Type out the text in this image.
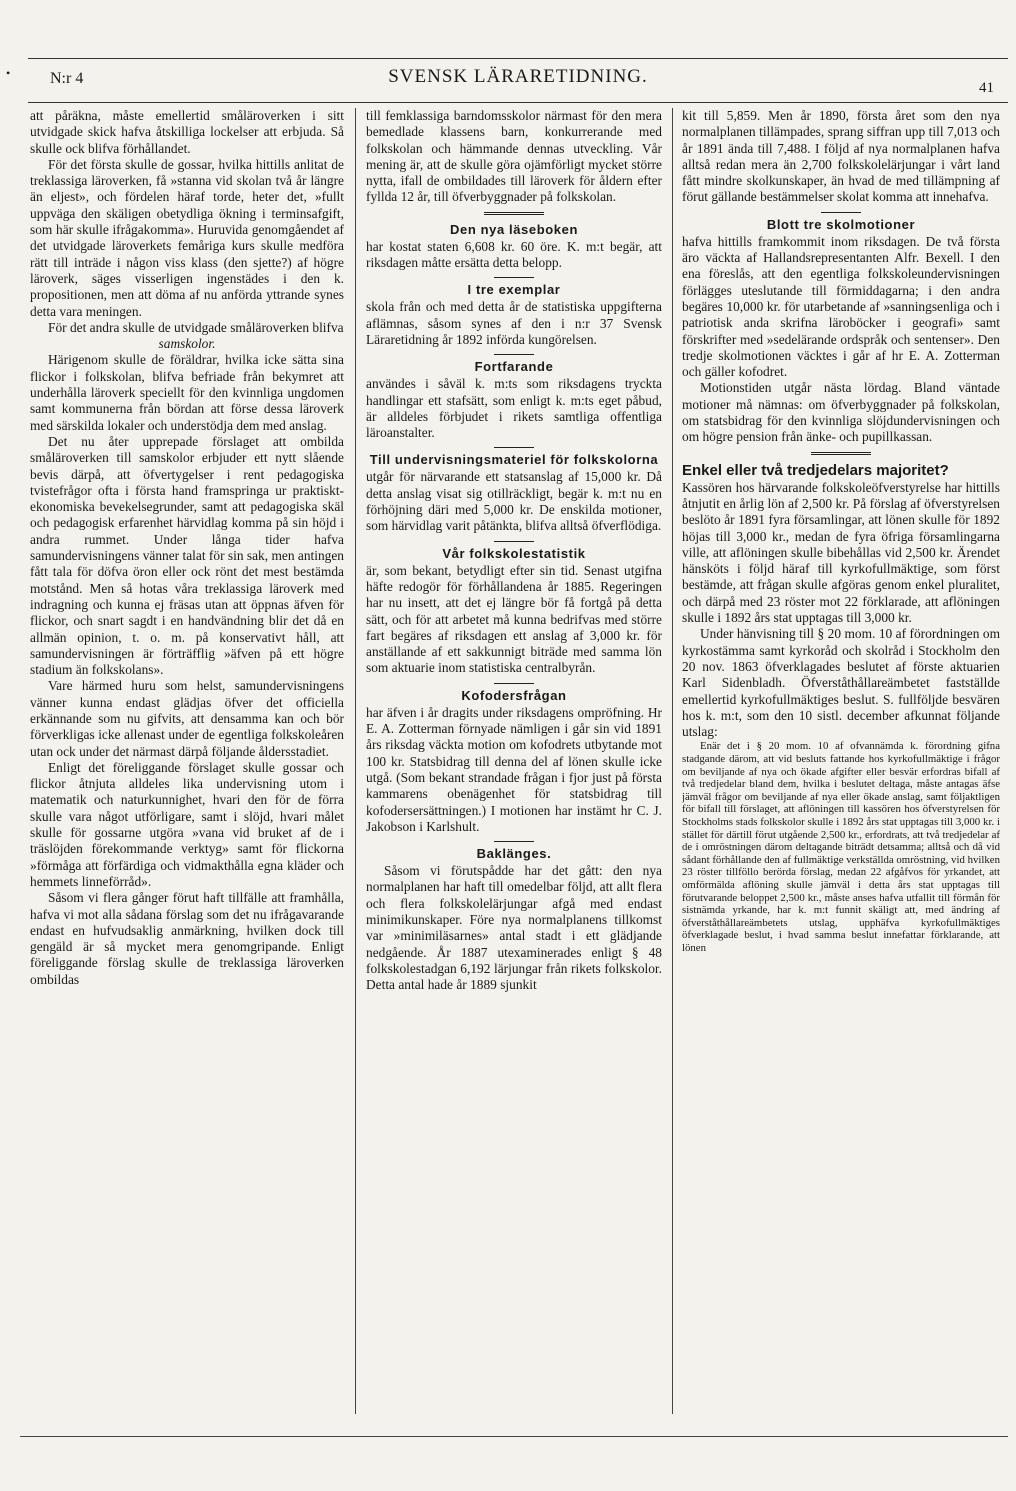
• N:r 4	SVENSK LÄRARETIDNING.
41

att påräkna, måste emellertid småläroverken i sitt utvidgade skick hafva åtskilliga lockelser att erbjuda. Så skulle ock blifva förhållandet.

För det första skulle de gossar, hvilka hittills anlitat de treklassiga läroverken, få »stanna vid skolan två år längre än eljest», och fördelen häraf torde, heter det, »fullt uppväga den skäligen obetydliga ökning i terminsafgift, som här skulle ifrågakomma». Huruvida genomgåendet af det utvidgade läroverkets femåriga kurs skulle medföra rätt till inträde i någon viss klass (den sjette?) af högre läroverk, säges visserligen ingenstädes i den k. propositionen, men att döma af nu anförda yttrande synes detta vara meningen.

För det andra skulle de utvidgade småläroverken blifva

samskolor.

Härigenom skulle de föräldrar, hvilka icke sätta sina flickor i folkskolan, blifva befriade från bekymret att underhålla läroverk speciellt för den kvinnliga ungdomen samt kommunerna från bördan att förse dessa läroverk med särskilda lokaler och understödja dem med anslag.

Det nu åter upprepade förslaget att ombilda småläroverken till samskolor erbjuder ett nytt slående bevis därpå, att öfvertygelser i rent pedagogiska tvistefrågor ofta i första hand framspringa ur praktiskt-ekonomiska bevekelsegrunder, samt att pedagogiska skäl och pedagogisk erfarenhet härvidlag komma på sin höjd i andra rummet. Under långa tider hafva samundervisningens vänner talat för sin sak, men antingen fått tala för döfva öron eller ock rönt det mest bestämda motstånd. Men så hotas våra treklassiga läroverk med indragning och kunna ej fräsas utan att öppnas äfven för flickor, och snart sagdt i en handvändning blir det då en allmän opinion, t. o. m. på konservativt håll, att samundervisningen är förträfflig »äfven på ett högre stadium än folkskolans».

Vare härmed huru som helst, samundervisningens vänner kunna endast glädjas öfver det officiella erkännande som nu gifvits, att densamma kan och bör förverkligas icke allenast under de egentliga folkskoleåren utan ock under det närmast därpå följande åldersstadiet.

Enligt det föreliggande förslaget skulle gossar och flickor åtnjuta alldeles lika undervisning utom i matematik och naturkunnighet, hvari den för de förra skulle vara något utförligare, samt i slöjd, hvari målet skulle för gossarne utgöra »vana vid bruket af de i träslöjden förekommande verktyg» samt för flickorna »förmåga att förfärdiga och vidmakthålla egna kläder och hemmets linneförråd».

Såsom vi flera gånger förut haft tillfälle att framhålla, hafva vi mot alla sådana förslag som det nu ifrågavarande endast en hufvudsaklig anmärkning, hvilken dock till gengäld är så mycket mera genomgripande. Enligt föreliggande förslag skulle de treklassiga läroverken ombildas

till femklassiga barndomsskolor närmast för den mera bemedlade klassens barn, konkurrerande med folkskolan och hämmande dennas utveckling. Vår mening är, att de skulle göra ojämförligt mycket större nytta, ifall de ombildades till läroverk för åldern efter fyllda 12 år, till öfverbyggnader på folkskolan.

Den nya läseboken

har kostat staten 6,608 kr. 60 öre. K. m:t begär, att riksdagen måtte ersätta detta belopp.

I tre exemplar

skola från och med detta år de statistiska uppgifterna aflämnas, såsom synes af den i n:r 37 Svensk Läraretidning år 1892 införda kungörelsen.

Fortfarande

användes i såväl k. m:ts som riksdagens tryckta handlingar ett stafsätt, som enligt k. m:ts eget påbud, är alldeles förbjudet i rikets samtliga offentliga läroanstalter.

Till undervisningsmateriel för folkskolorna

utgår för närvarande ett statsanslag af 15,000 kr. Då detta anslag visat sig otillräckligt, begär k. m:t nu en förhöjning däri med 5,000 kr. De enskilda motioner, som härvidlag varit påtänkta, blifva alltså öfverflödiga.

Vår folkskolestatistik

är, som bekant, betydligt efter sin tid. Senast utgifna häfte redogör för förhållandena år 1885. Regeringen har nu insett, att det ej längre bör få fortgå på detta sätt, och för att arbetet må kunna bedrifvas med större fart begäres af riksdagen ett anslag af 3,000 kr. för anställande af ett sakkunnigt biträde med samma lön som aktuarie inom statistiska centralbyrån.

Kofodersfrågan

har äfven i år dragits under riksdagens ompröfning. Hr E. A. Zotterman förnyade nämligen i går sin vid 1891 års riksdag väckta motion om kofodrets utbytande mot 100 kr. Statsbidrag till denna del af lönen skulle icke utgå. (Som bekant strandade frågan i fjor just på första kammarens obenägenhet för statsbidrag till kofodersersättningen.) I motionen har instämt hr C. J. Jakobson i Karlshult.

Baklänges.

Såsom vi förutspådde har det gått: den nya normalplanen har haft till omedelbar följd, att allt flera och flera folkskolelärjungar afgå med endast minimikunskaper. Före nya normalplanens tillkomst var »minimiläsarnes» antal stadt i ett glädjande nedgående. År 1887 utexaminerades enligt § 48 folkskolestadgan 6,192 lärjungar från rikets folkskolor. Detta antal hade år 1889 sjunkit

kit till 5,859. Men år 1890, första året som den nya normalplanen tillämpades, sprang siffran upp till 7,013 och år 1891 ända till 7,488. I följd af nya normalplanen hafva alltså redan mera än 2,700 folkskolelärjungar i vårt land fått mindre skolkunskaper, än hvad de med tillämpning af förut gällande bestämmelser skolat komma att innehafva.

Blott tre skolmotioner

hafva hittills framkommit inom riksdagen. De två första äro väckta af Hallandsrepresentanten Alfr. Bexell. I den ena föreslås, att den egentliga folkskoleundervisningen förlägges uteslutande till förmiddagarna; i den andra begäres 10,000 kr. för utarbetande af »sanningsenliga och i patriotisk anda skrifna läroböcker i geografi» samt förskrifter med »sedelärande ordspråk och sentenser». Den tredje skolmotionen väcktes i går af hr E. A. Zotterman och gäller kofodret.

Motionstiden utgår nästa lördag. Bland väntade motioner må nämnas: om öfverbyggnader på folkskolan, om statsbidrag för den kvinnliga slöjdundervisningen och om högre pension från änke- och pupillkassan.

Enkel eller två tredjedelars majoritet?

Kassören hos härvarande folkskoleöfverstyrelse har hittills åtnjutit en årlig lön af 2,500 kr. På förslag af öfverstyrelsen beslöto år 1891 fyra församlingar, att lönen skulle för 1892 höjas till 3,000 kr., medan de fyra öfriga församlingarna ville, att aflöningen skulle bibehållas vid 2,500 kr. Ärendet hänsköts i följd häraf till kyrkofullmäktige, som först bestämde, att frågan skulle afgöras genom enkel pluralitet, och därpå med 23 röster mot 22 förklarade, att aflöningen skulle i 1892 års stat upptagas till 3,000 kr.

Under hänvisning till § 20 mom. 10 af förordningen om kyrkostämma samt kyrkoråd och skolråd i Stockholm den 20 nov. 1863 öfverklagades beslutet af förste aktuarien Karl Sidenbladh. Öfverståthållareämbetet fastställde emellertid kyrkofullmäktiges beslut. S. fullföljde besvären hos k. m:t, som den 10 sistl. december afkunnat följande utslag:

Enär det i § 20 mom. 10 af ofvannämda k. förordning gifna stadgande därom, att vid besluts fattande hos kyrkofullmäktige i frågor om beviljande af nya och ökade afgifter eller besvär erfordras bifall af två tredjedelar bland dem, hvilka i beslutet deltaga, måste antagas äfse jämväl frågor om beviljande af nya eller ökade anslag, samt följaktligen för bifall till förslaget, att aflöningen till kassören hos öfverstyrelsen för Stockholms stads folkskolor skulle i 1892 års stat upptagas till 3,000 kr. i stället för därtill förut utgående 2,500 kr., erfordrats, att två tredjedelar af de i omröstningen därom deltagande biträdt detsamma; alltså och då vid sådant förhållande den af fullmäktige verkställda omröstning, vid hvilken 23 röster tillföllo berörda förslag, medan 22 afgåfvos för yrkandet, att omförmälda aflöning skulle jämväl i detta års stat upptagas till förutvarande beloppet 2,500 kr., måste anses hafva utfallit till förmån för sistnämda yrkande, har k. m:t funnit skäligt att, med ändring af öfverståthållareämbetets utslag, upphäfva kyrkofullmäktiges öfverklagade beslut, i hvad samma beslut innefattar förklarande, att lönen
